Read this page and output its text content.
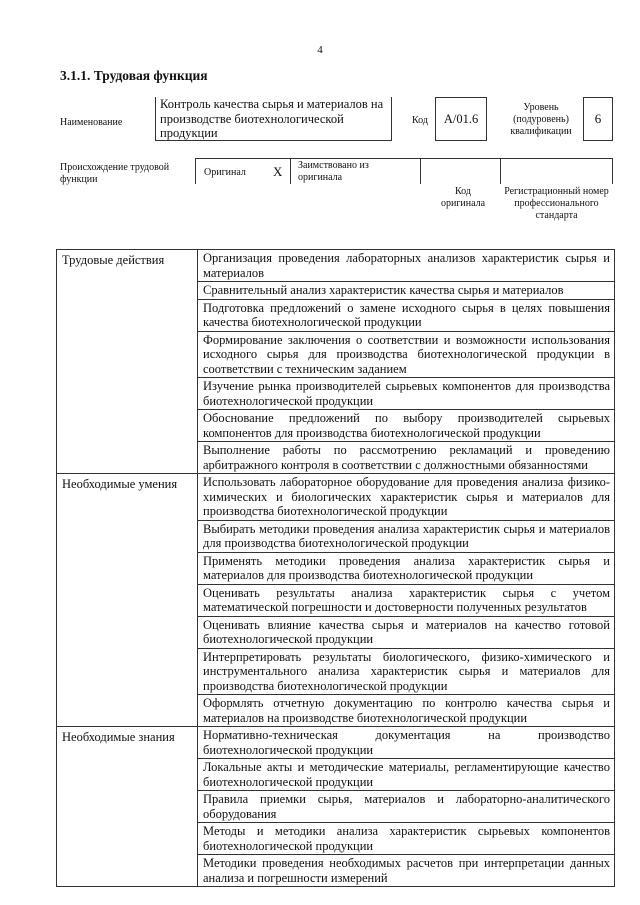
4
3.1.1. Трудовая функция
Наименование
Контроль качества сырья и материалов на производстве биотехнологической продукции
Код	А/01.6
Уровень (подуровень) квалификации
6
Происхождение трудовой функции
Оригинал X Заимствовано из оригинала
Код оригинала
Регистрационный номер профессионального стандарта
Трудовые действия	Организация проведения лабораторных анализов характеристик сырья и материалов
	Сравнительный анализ характеристик качества сырья и материалов
	Подготовка предложений о замене исходного сырья в целях повышения качества биотехнологической продукции
	Формирование заключения о соответствии и возможности использования исходного сырья для производства биотехнологической продукции в соответствии с техническим заданием
	Изучение рынка производителей сырьевых компонентов для производства биотехнологической продукции
	Обоснование предложений по выбору производителей сырьевых компонентов для производства биотехнологической продукции
	Выполнение работы по рассмотрению рекламаций и проведению арбитражного контроля в соответствии с должностными обязанностями
Необходимые умения	Использовать лабораторное оборудование для проведения анализа физико-химических и биологических характеристик сырья и материалов для производства биотехнологической продукции
	Выбирать методики проведения анализа характеристик сырья и материалов для производства биотехнологической продукции
	Применять методики проведения анализа характеристик сырья и материалов для производства биотехнологической продукции
	Оценивать результаты анализа характеристик сырья с учетом математической погрешности и достоверности полученных результатов
	Оценивать влияние качества сырья и материалов на качество готовой биотехнологической продукции
	Интерпретировать результаты биологического, физико-химического и инструментального анализа характеристик сырья и материалов для производства биотехнологической продукции
	Оформлять отчетную документацию по контролю качества сырья и материалов на производстве биотехнологической продукции
Необходимые знания	Нормативно-техническая документация на производство биотехнологической продукции
	Локальные акты и методические материалы, регламентирующие качество биотехнологической продукции
	Правила приемки сырья, материалов и лабораторно-аналитического оборудования
	Методы и методики анализа характеристик сырьевых компонентов биотехнологической продукции
	Методики проведения необходимых расчетов при интерпретации данных анализа и погрешности измерений
